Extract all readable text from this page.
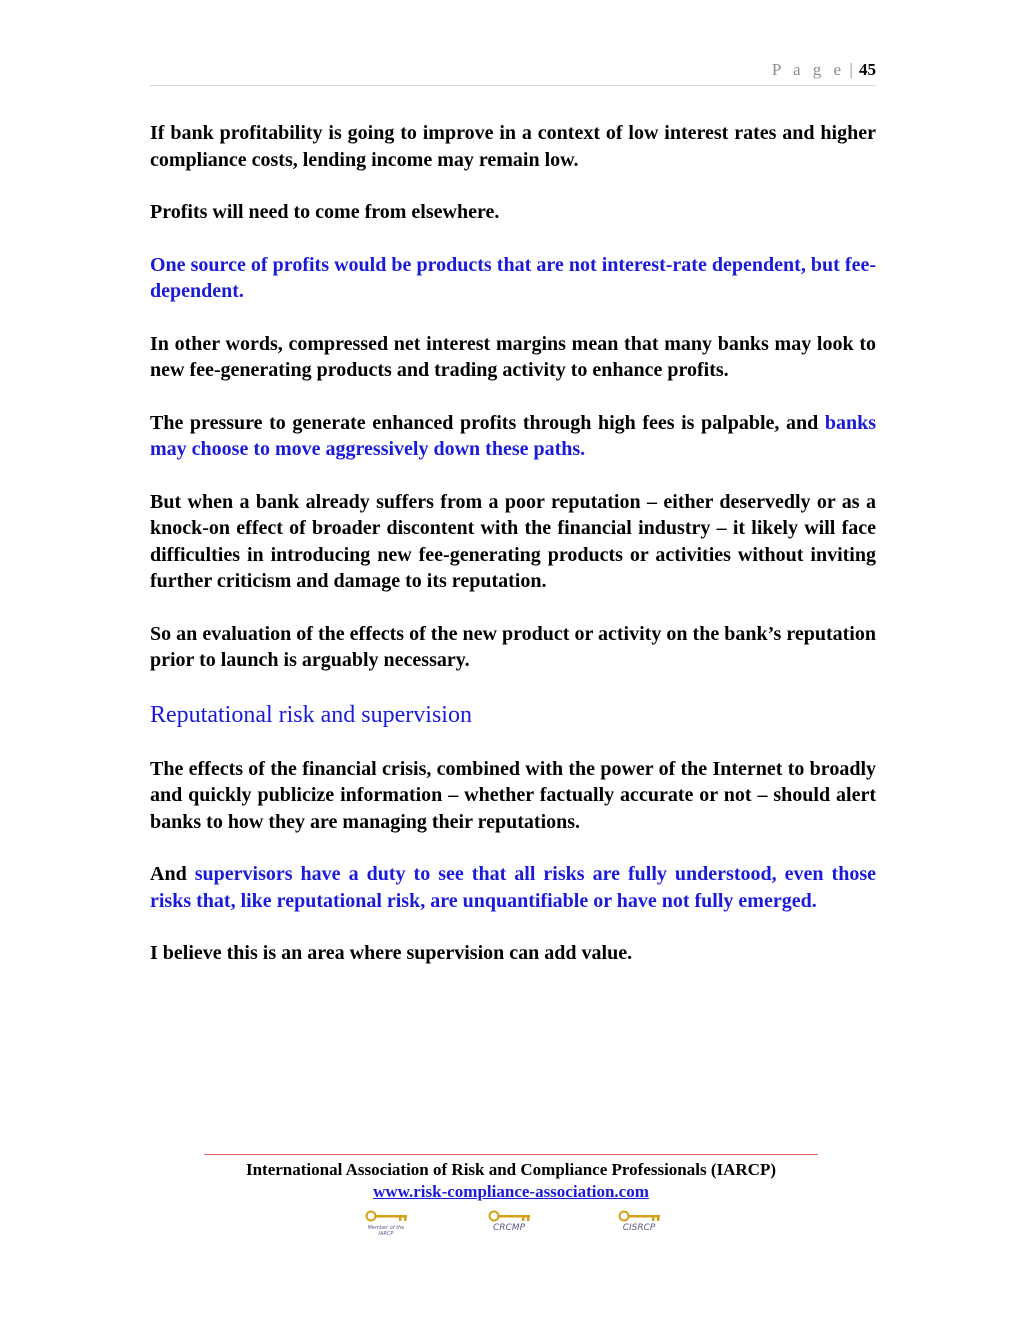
P a g e | 45

If bank profitability is going to improve in a context of low interest rates and higher compliance costs, lending income may remain low.

Profits will need to come from elsewhere.

One source of profits would be products that are not interest-rate dependent, but fee-dependent.

In other words, compressed net interest margins mean that many banks may look to new fee-generating products and trading activity to enhance profits.

The pressure to generate enhanced profits through high fees is palpable, and banks may choose to move aggressively down these paths.

But when a bank already suffers from a poor reputation – either deservedly or as a knock-on effect of broader discontent with the financial industry – it likely will face difficulties in introducing new fee-generating products or activities without inviting further criticism and damage to its reputation.

So an evaluation of the effects of the new product or activity on the bank’s reputation prior to launch is arguably necessary.

Reputational risk and supervision

The effects of the financial crisis, combined with the power of the Internet to broadly and quickly publicize information – whether factually accurate or not – should alert banks to how they are managing their reputations.

And supervisors have a duty to see that all risks are fully understood, even those risks that, like reputational risk, are unquantifiable or have not fully emerged.

I believe this is an area where supervision can add value.

International Association of Risk and Compliance Professionals (IARCP)
www.risk-compliance-association.com
Member of the IARCP
CRCMP	CISRCP
